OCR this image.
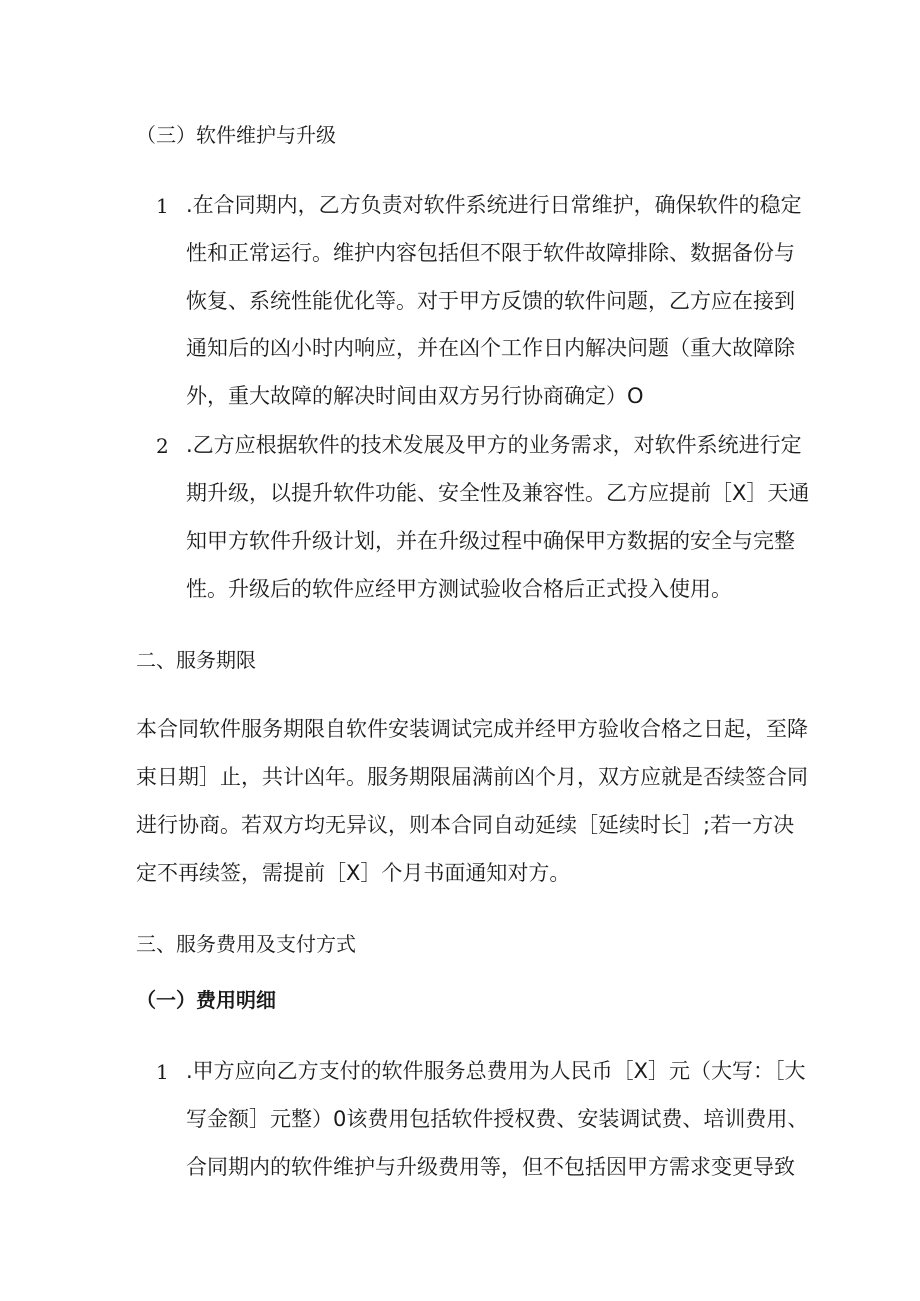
（三）软件维护与升级
1 .在合同期内，乙方负责对软件系统进行日常维护，确保软件的稳定
性和正常运行。维护内容包括但不限于软件故障排除、数据备份与
恢复、系统性能优化等。对于甲方反馈的软件问题，乙方应在接到
通知后的凶小时内响应，并在凶个工作日内解决问题（重大故障除
外，重大故障的解决时间由双方另行协商确定）O
2 .乙方应根据软件的技术发展及甲方的业务需求，对软件系统进行定
期升级，以提升软件功能、安全性及兼容性。乙方应提前［X］天通
知甲方软件升级计划，并在升级过程中确保甲方数据的安全与完整
性。升级后的软件应经甲方测试验收合格后正式投入使用。
二、服务期限
本合同软件服务期限自软件安装调试完成并经甲方验收合格之日起，至降
束日期］止，共计凶年。服务期限届满前凶个月，双方应就是否续签合同
进行协商。若双方均无异议，则本合同自动延续［延续时长］;若一方决
定不再续签，需提前［X］个月书面通知对方。
三、服务费用及支付方式
（一）费用明细
1 .甲方应向乙方支付的软件服务总费用为人民币［X］元（大写：［大
写金额］元整）0该费用包括软件授权费、安装调试费、培训费用、
合同期内的软件维护与升级费用等，但不包括因甲方需求变更导致
